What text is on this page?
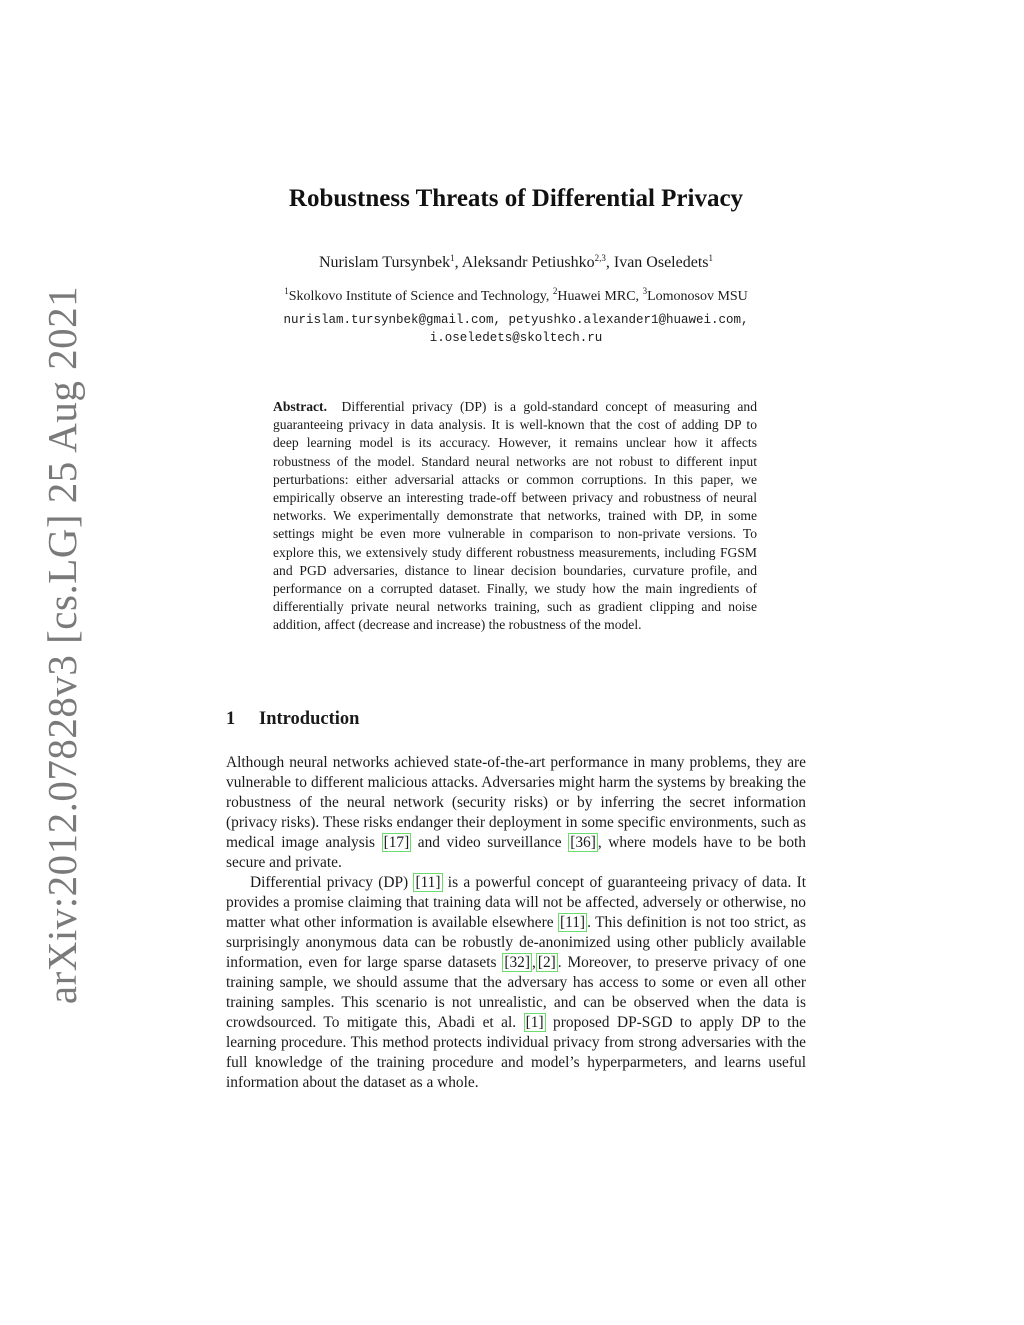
arXiv:2012.07828v3 [cs.LG] 25 Aug 2021
Robustness Threats of Differential Privacy
Nurislam Tursynbek$^1$, Aleksandr Petiushko$^{2,3}$, Ivan Oseledets$^1$
$^1$Skolkovo Institute of Science and Technology, $^2$Huawei MRC, $^3$Lomonosov MSU
nurislam.tursynbek@gmail.com, petyushko.alexander1@huawei.com,
i.oseledets@skoltech.ru
Abstract. Differential privacy (DP) is a gold-standard concept of measuring and guaranteeing privacy in data analysis. It is well-known that the cost of adding DP to deep learning model is its accuracy. However, it remains unclear how it affects robustness of the model. Standard neural networks are not robust to different input perturbations: either adversarial attacks or common corruptions. In this paper, we empirically observe an interesting trade-off between privacy and robustness of neural networks. We experimentally demonstrate that networks, trained with DP, in some settings might be even more vulnerable in comparison to non-private versions. To explore this, we extensively study different robustness measurements, including FGSM and PGD adversaries, distance to linear decision boundaries, curvature profile, and performance on a corrupted dataset. Finally, we study how the main ingredients of differentially private neural networks training, such as gradient clipping and noise addition, affect (decrease and increase) the robustness of the model.
1 Introduction

Although neural networks achieved state-of-the-art performance in many problems, they are vulnerable to different malicious attacks. Adversaries might harm the systems by breaking the robustness of the neural network (security risks) or by inferring the secret information (privacy risks). These risks endanger their deployment in some specific environments, such as medical image analysis [17] and video surveillance [36] , where models have to be both secure and private.

Differential privacy (DP) [11] is a powerful concept of guaranteeing privacy of data. It provides a promise claiming that training data will not be affected, adversely or otherwise, no matter what other information is available elsewhere [11] . This definition is not too strict, as surprisingly anonymous data can be robustly de-anonimized using other publicly available information, even for large sparse datasets [32] , [2] . Moreover, to preserve privacy of one training sample, we should assume that the adversary has access to some or even all other training samples. This scenario is not unrealistic, and can be observed when the data is crowdsourced. To mitigate this, Abadi et al. [1] proposed DP-SGD to apply DP to the learning procedure. This method protects individual privacy from strong adversaries with the full knowledge of the training procedure and model’s hyperparmeters, and learns useful information about the dataset as a whole.
